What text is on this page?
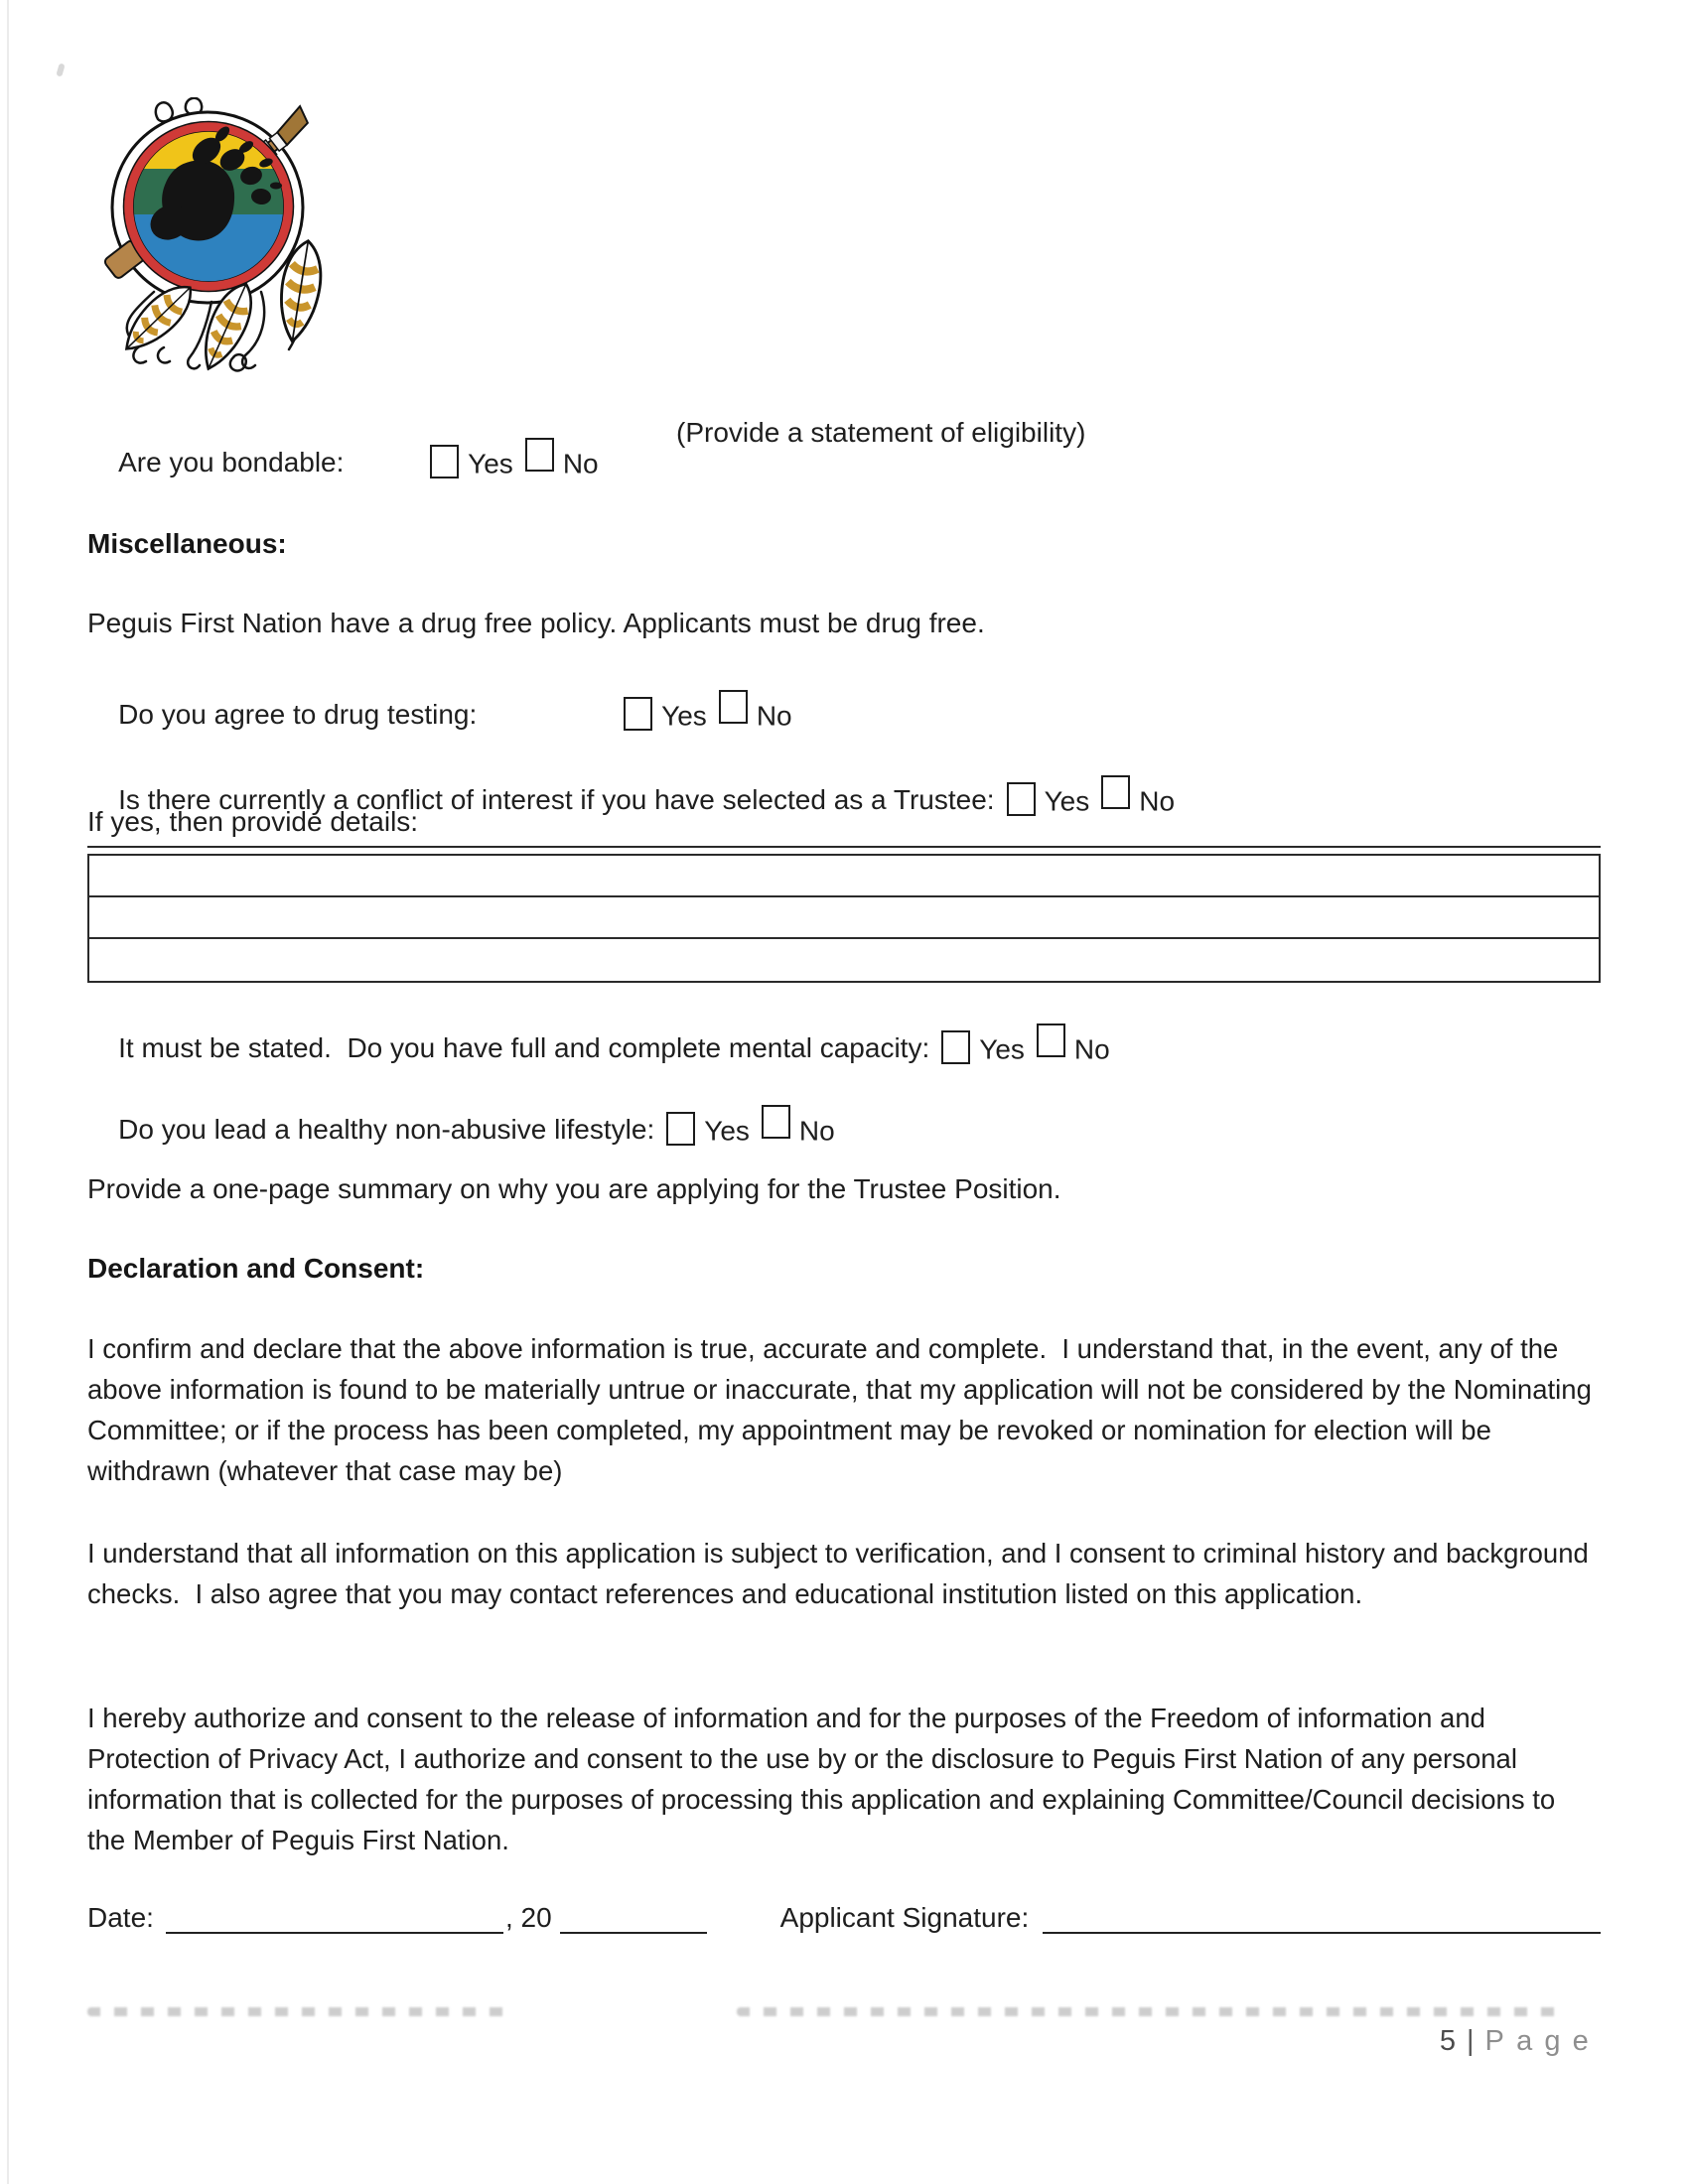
Are you bondable:	Yes No

(Provide a statement of eligibility)

Miscellaneous:
Peguis First Nation have a drug free policy. Applicants must be drug free.

Do you agree to drug testing:	Yes No

Is there currently a conflict of interest if you have selected as a Trustee: Yes No

If yes, then provide details:

It must be stated.  Do you have full and complete mental capacity: Yes No

Do you lead a healthy non-abusive lifestyle: Yes No

Provide a one-page summary on why you are applying for the Trustee Position.
Declaration and Consent:
I confirm and declare that the above information is true, accurate and complete.  I understand that, in the event, any of the above information is found to be materially untrue or inaccurate, that my application will not be considered by the Nominating Committee; or if the process has been completed, my appointment may be revoked or nomination for election will be withdrawn (whatever that case may be)
I understand that all information on this application is subject to verification, and I consent to criminal history and background checks.  I also agree that you may contact references and educational institution listed on this application.
I hereby authorize and consent to the release of information and for the purposes of the Freedom of information and Protection of Privacy Act, I authorize and consent to the use by or the disclosure to Peguis First Nation of any personal information that is collected for the purposes of processing this application and explaining Committee/Council decisions to the Member of Peguis First Nation.
Date:	, 20	Applicant Signature:
5 | Page
